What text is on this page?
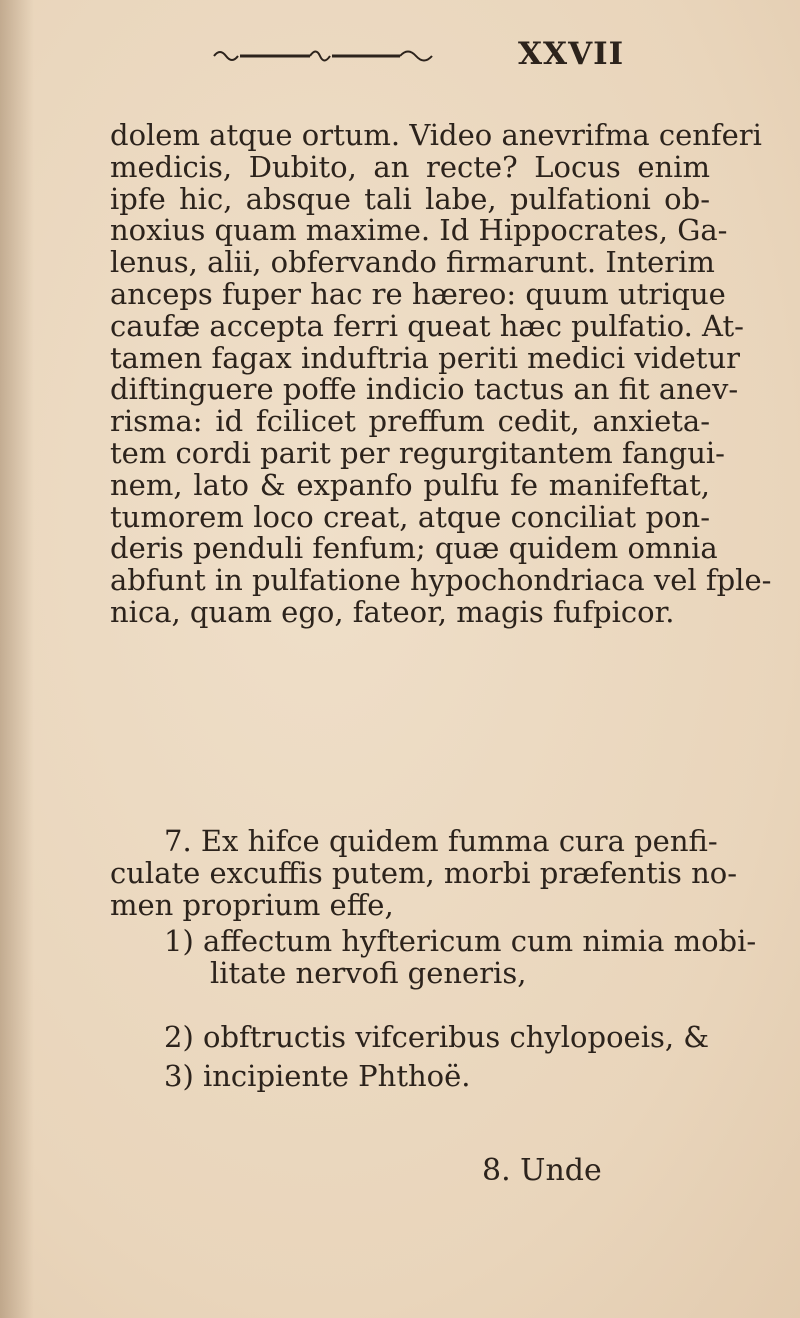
XXVII
dolem atque ortum. Video anevrifma cenferi
medicis, Dubito, an recte? Locus enim
ipfe hic, absque tali labe, pulfationi ob-
noxius quam maxime. Id Hippocrates, Ga-
lenus, alii, obfervando firmarunt. Interim
anceps fuper hac re hæreo: quum utrique
caufæ accepta ferri queat hæc pulfatio. At-
tamen fagax induftria periti medici videtur
diftinguere poffe indicio tactus an fit anev-
risma: id fcilicet preffum cedit, anxieta-
tem cordi parit per regurgitantem fangui-
nem, lato & expanfo pulfu fe manifeftat,
tumorem loco creat, atque conciliat pon-
deris penduli fenfum; quæ quidem omnia
abfunt in pulfatione hypochondriaca vel fple-
nica, quam ego, fateor, magis fufpicor.
7. Ex hifce quidem fumma cura penfi-
culate excuffis putem, morbi præfentis no-
men proprium effe,
1) affectum hyftericum cum nimia mobi-
litate nervofi generis,
2) obftructis vifceribus chylopoeis, &
3) incipiente Phthoë.
8. Unde
